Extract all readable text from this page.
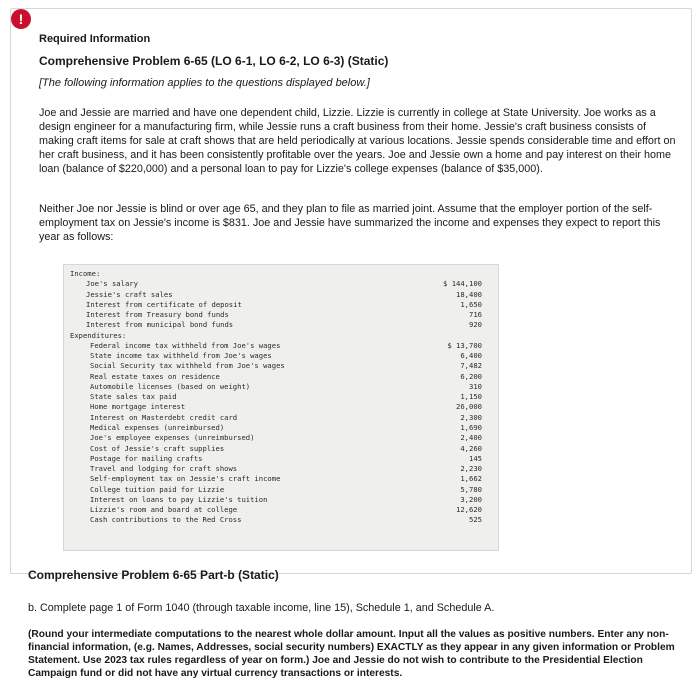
!
Required Information
Comprehensive Problem 6-65 (LO 6-1, LO 6-2, LO 6-3) (Static)
[The following information applies to the questions displayed below.]

Joe and Jessie are married and have one dependent child, Lizzie. Lizzie is currently in college at State University. Joe works as a design engineer for a manufacturing firm, while Jessie runs a craft business from their home. Jessie's craft business consists of making craft items for sale at craft shows that are held periodically at various locations. Jessie spends considerable time and effort on her craft business, and it has been consistently profitable over the years. Joe and Jessie own a home and pay interest on their home loan (balance of $220,000) and a personal loan to pay for Lizzie's college expenses (balance of $35,000).

Neither Joe nor Jessie is blind or over age 65, and they plan to file as married joint. Assume that the employer portion of the self-employment tax on Jessie's income is $831. Joe and Jessie have summarized the income and expenses they expect to report this year as follows:

Income:
Joe's salary	$ 144,100
Jessie's craft sales	18,400
Interest from certificate of deposit	1,650
Interest from Treasury bond funds	716
Interest from municipal bond funds	920
Expenditures:
Federal income tax withheld from Joe's wages	$ 13,700
State income tax withheld from Joe's wages	6,400
Social Security tax withheld from Joe's wages	7,482
Real estate taxes on residence	6,200
Automobile licenses (based on weight)	310
State sales tax paid	1,150
Home mortgage interest	26,000
Interest on Masterdebt credit card	2,300
Medical expenses (unreimbursed)	1,690
Joe's employee expenses (unreimbursed)	2,400
Cost of Jessie's craft supplies	4,260
Postage for mailing crafts	145
Travel and lodging for craft shows	2,230
Self-employment tax on Jessie's craft income	1,662
College tuition paid for Lizzie	5,780
Interest on loans to pay Lizzie's tuition	3,200
Lizzie's room and board at college	12,620
Cash contributions to the Red Cross	525
Comprehensive Problem 6-65 Part-b (Static)
b. Complete page 1 of Form 1040 (through taxable income, line 15), Schedule 1, and Schedule A.

(Round your intermediate computations to the nearest whole dollar amount. Input all the values as positive numbers. Enter any non-financial information, (e.g. Names, Addresses, social security numbers) EXACTLY as they appear in any given information or Problem Statement. Use 2023 tax rules regardless of year on form.) Joe and Jessie do not wish to contribute to the Presidential Election Campaign fund or did not have any virtual currency transactions or interests.
